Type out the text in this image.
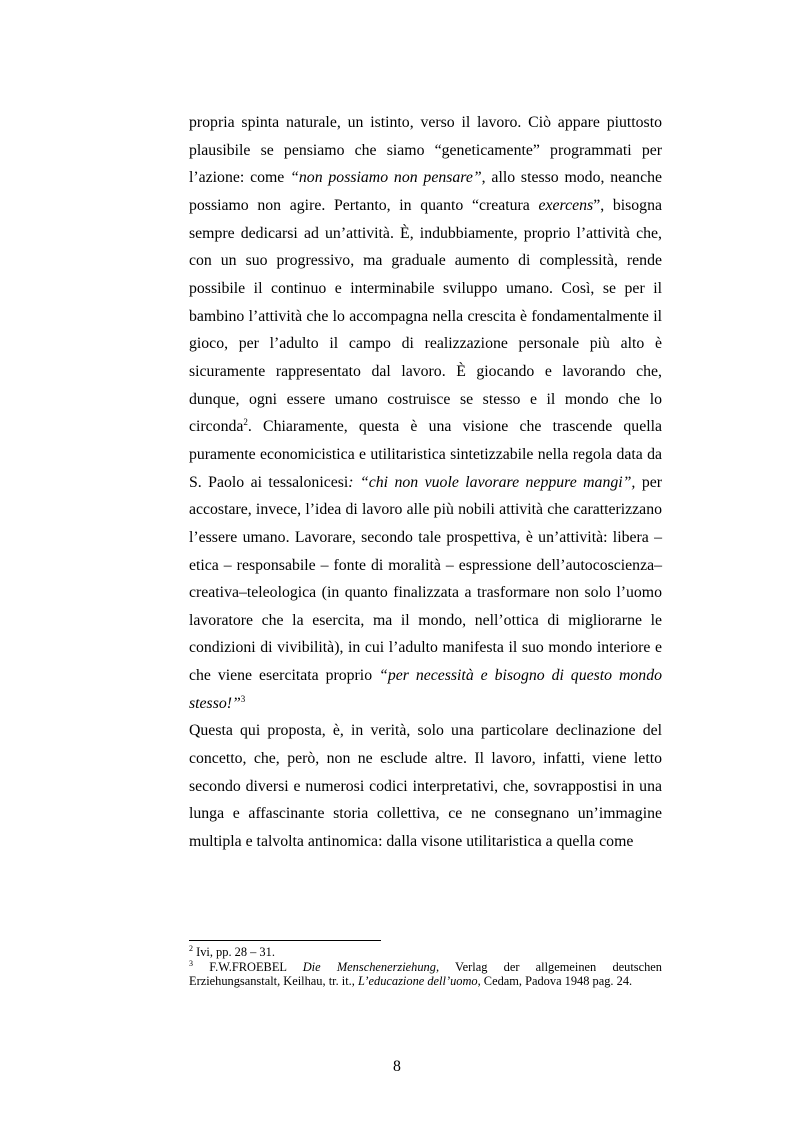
propria spinta naturale, un istinto, verso il lavoro. Ciò appare piuttosto plausibile se pensiamo che siamo “geneticamente” programmati per l’azione: come “non possiamo non pensare”, allo stesso modo, neanche possiamo non agire. Pertanto, in quanto “creatura exercens”, bisogna sempre dedicarsi ad un’attività. È, indubbiamente, proprio l’attività che, con un suo progressivo, ma graduale aumento di complessità, rende possibile il continuo e interminabile sviluppo umano. Così, se per il bambino l’attività che lo accompagna nella crescita è fondamentalmente il gioco, per l’adulto il campo di realizzazione personale più alto è sicuramente rappresentato dal lavoro. È giocando e lavorando che, dunque, ogni essere umano costruisce se stesso e il mondo che lo circonda$^2$. Chiaramente, questa è una visione che trascende quella puramente economicistica e utilitaristica sintetizzabile nella regola data da S. Paolo ai tessalonicesi: “chi non vuole lavorare neppure mangi”, per accostare, invece, l’idea di lavoro alle più nobili attività che caratterizzano l’essere umano. Lavorare, secondo tale prospettiva, è un’attività: libera – etica – responsabile – fonte di moralità – espressione dell’autocoscienza–creativa–teleologica (in quanto finalizzata a trasformare non solo l’uomo lavoratore che la esercita, ma il mondo, nell’ottica di migliorarne le condizioni di vivibilità), in cui l’adulto manifesta il suo mondo interiore e che viene esercitata proprio “per necessità e bisogno di questo mondo stesso!”$^3$

Questa qui proposta, è, in verità, solo una particolare declinazione del concetto, che, però, non ne esclude altre. Il lavoro, infatti, viene letto secondo diversi e numerosi codici interpretativi, che, sovrappostisi in una lunga e affascinante storia collettiva, ce ne consegnano un’immagine multipla e talvolta antinomica: dalla visone utilitaristica a quella come

$^2$ Ivi, pp. 28 – 31.

$^3$ F.W.FROEBEL Die Menschenerziehung, Verlag der allgemeinen deutschen Erziehungsanstalt, Keilhau, tr. it., L’educazione dell’uomo, Cedam, Padova 1948 pag. 24.

8
